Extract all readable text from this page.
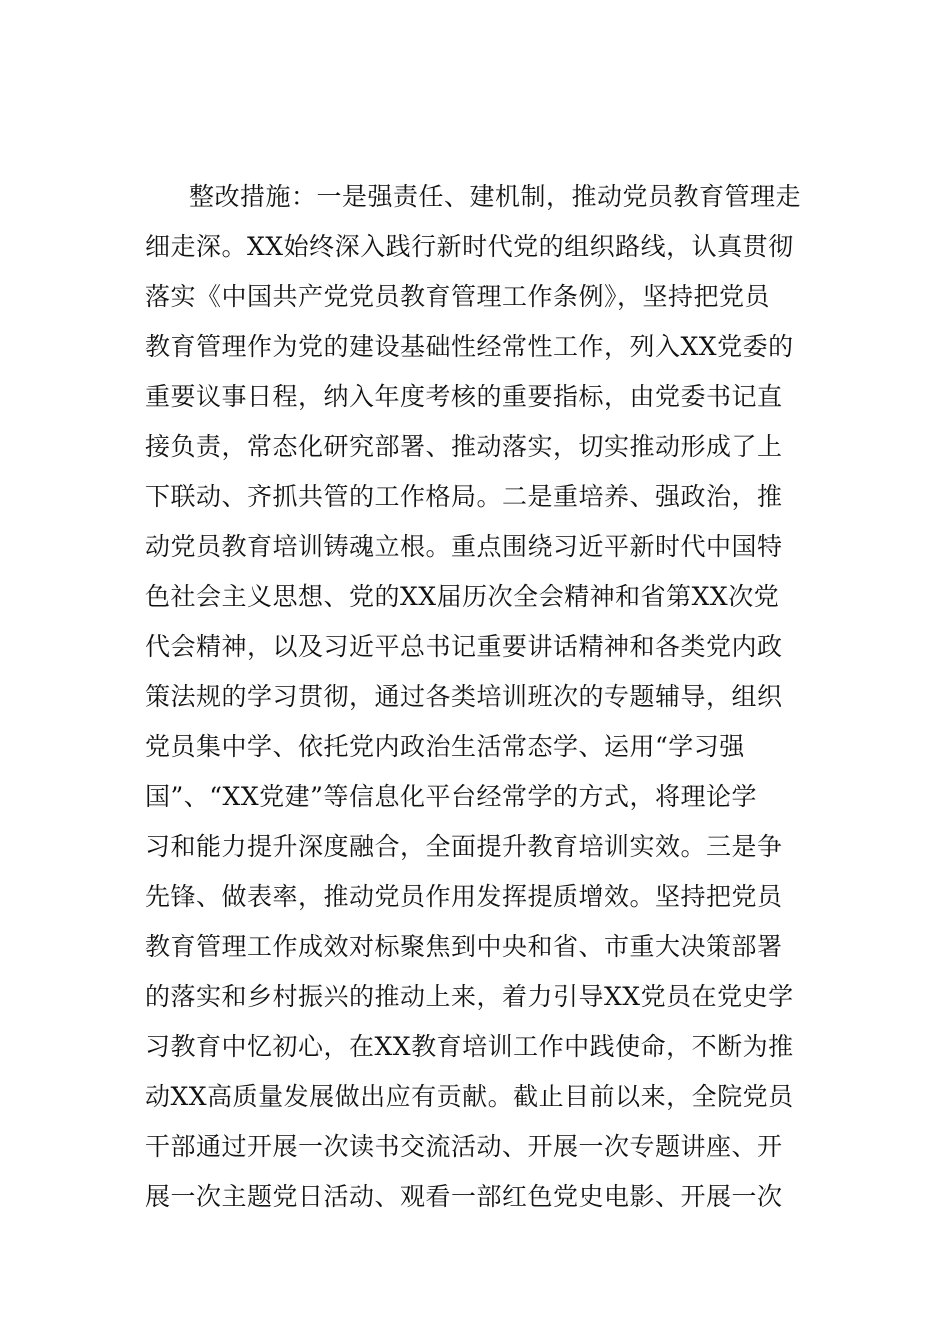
整改措施：一是强责任、建机制，推动党员教育管理走
细走深。XX始终深入践行新时代党的组织路线，认真贯彻
落实《中国共产党党员教育管理工作条例》，坚持把党员
教育管理作为党的建设基础性经常性工作，列入XX党委的
重要议事日程，纳入年度考核的重要指标，由党委书记直
接负责，常态化研究部署、推动落实，切实推动形成了上
下联动、齐抓共管的工作格局。二是重培养、强政治，推
动党员教育培训铸魂立根。重点围绕习近平新时代中国特
色社会主义思想、党的XX届历次全会精神和省第XX次党
代会精神，以及习近平总书记重要讲话精神和各类党内政
策法规的学习贯彻，通过各类培训班次的专题辅导，组织
党员集中学、依托党内政治生活常态学、运用“学习强
国”、“XX党建”等信息化平台经常学的方式，将理论学
习和能力提升深度融合，全面提升教育培训实效。三是争
先锋、做表率，推动党员作用发挥提质增效。坚持把党员
教育管理工作成效对标聚焦到中央和省、市重大决策部署
的落实和乡村振兴的推动上来，着力引导XX党员在党史学
习教育中忆初心，在XX教育培训工作中践使命，不断为推
动XX高质量发展做出应有贡献。截止目前以来，全院党员
干部通过开展一次读书交流活动、开展一次专题讲座、开
展一次主题党日活动、观看一部红色党史电影、开展一次
